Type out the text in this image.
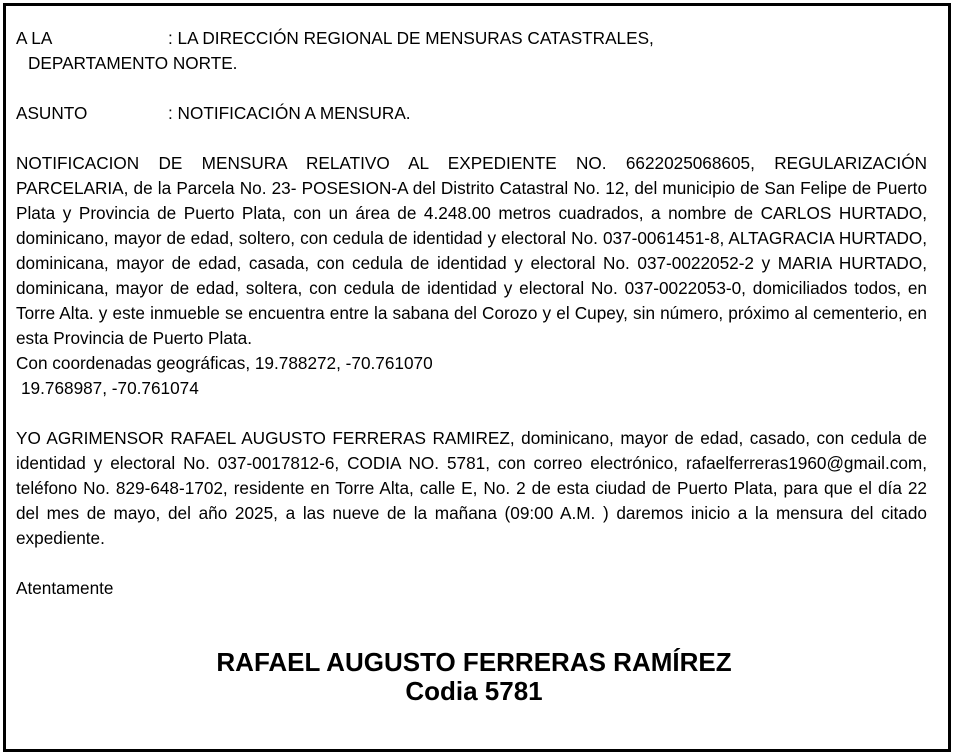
A LA	: LA DIRECCIÓN REGIONAL DE MENSURAS CATASTRALES,
DEPARTAMENTO NORTE.
ASUNTO	: NOTIFICACIÓN A MENSURA.
NOTIFICACION DE MENSURA RELATIVO AL EXPEDIENTE NO. 6622025068605, REGULARIZACIÓN PARCELARIA, de la Parcela No. 23- POSESION-A del Distrito Catastral No. 12, del municipio de San Felipe de Puerto Plata y Provincia de Puerto Plata, con un área de 4.248.00 metros cuadrados, a nombre de CARLOS HURTADO, dominicano, mayor de edad, soltero, con cedula de identidad y electoral No. 037-0061451-8, ALTAGRACIA HURTADO, dominicana, mayor de edad, casada, con cedula de identidad y electoral No. 037-0022052-2 y MARIA HURTADO, dominicana, mayor de edad, soltera, con cedula de identidad y electoral No. 037-0022053-0, domiciliados todos, en Torre Alta. y este inmueble se encuentra entre la sabana del Corozo y el Cupey, sin número, próximo al cementerio, en esta Provincia de Puerto Plata.
Con coordenadas geográficas, 19.788272, -70.761070
19.768987, -70.761074
YO AGRIMENSOR RAFAEL AUGUSTO FERRERAS RAMIREZ, dominicano, mayor de edad, casado, con cedula de identidad y electoral No. 037-0017812-6, CODIA NO. 5781, con correo electrónico, rafaelferreras1960@gmail.com, teléfono No. 829-648-1702, residente en Torre Alta, calle E, No. 2 de esta ciudad de Puerto Plata, para que el día 22 del mes de mayo, del año 2025, a las nueve de la mañana (09:00 A.M. ) daremos inicio a la mensura del citado expediente.
Atentamente
RAFAEL AUGUSTO FERRERAS RAMÍREZ
Codia 5781
